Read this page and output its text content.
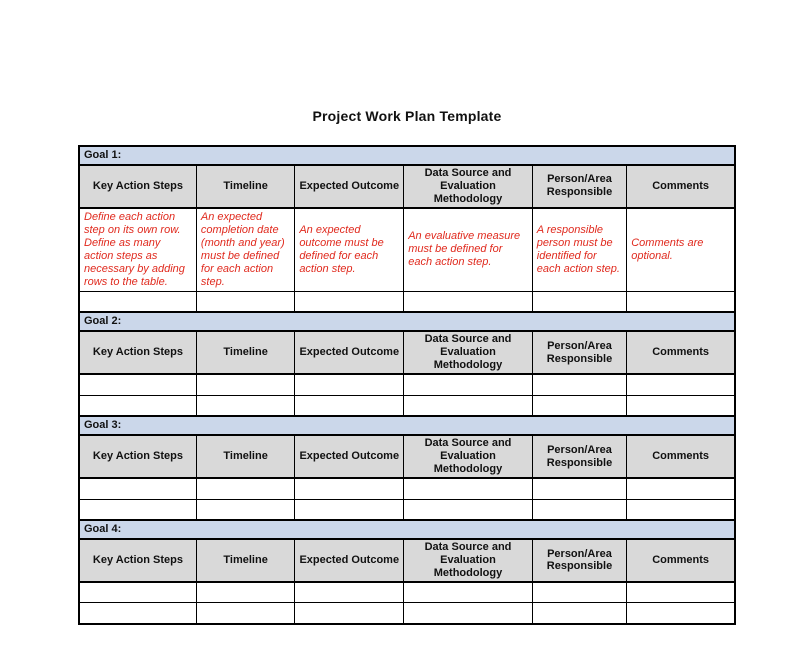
Project Work Plan Template
Goal 1:					
Key Action Steps	Timeline	Expected Outcome	Data Source and Evaluation Methodology	Person/Area Responsible	Comments
Define each action step on its own row. Define as many action steps as necessary by adding rows to the table.	An expected completion date (month and year) must be defined for each action step.	An expected outcome must be defined for each action step.	An evaluative measure must be defined for each action step.	A responsible person must be identified for each action step.	Comments are optional.

Goal 2:					
Key Action Steps	Timeline	Expected Outcome	Data Source and Evaluation Methodology	Person/Area Responsible	Comments

Goal 3:					
Key Action Steps	Timeline	Expected Outcome	Data Source and Evaluation Methodology	Person/Area Responsible	Comments

Goal 4:					
Key Action Steps	Timeline	Expected Outcome	Data Source and Evaluation Methodology	Person/Area Responsible	Comments
